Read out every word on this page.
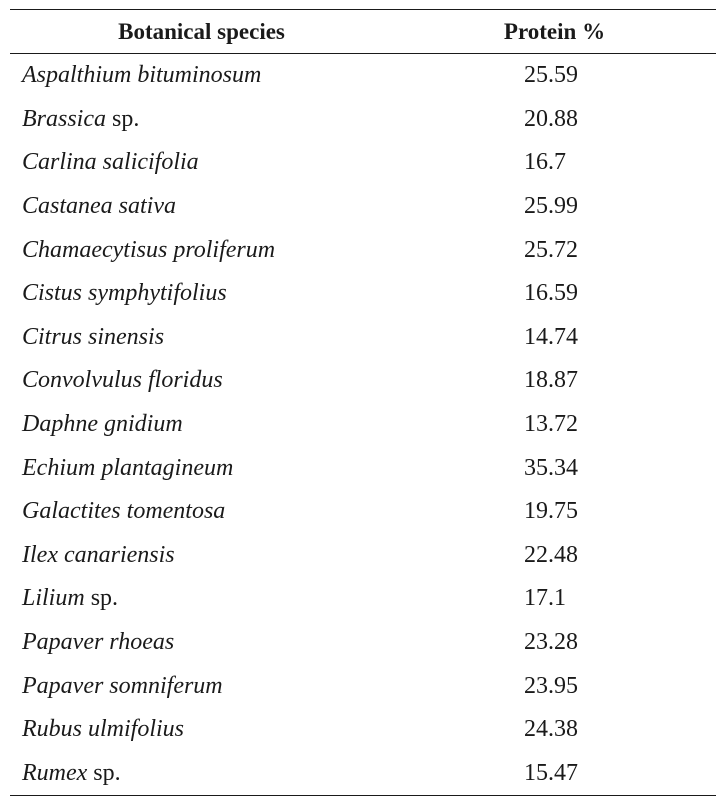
Botanical species	Protein %
Aspalthium bituminosum	25.59
Brassica sp.	20.88
Carlina salicifolia	16.7
Castanea sativa	25.99
Chamaecytisus proliferum	25.72
Cistus symphytifolius	16.59
Citrus sinensis	14.74
Convolvulus floridus	18.87
Daphne gnidium	13.72
Echium plantagineum	35.34
Galactites tomentosa	19.75
Ilex canariensis	22.48
Lilium sp.	17.1
Papaver rhoeas	23.28
Papaver somniferum	23.95
Rubus ulmifolius	24.38
Rumex sp.	15.47
